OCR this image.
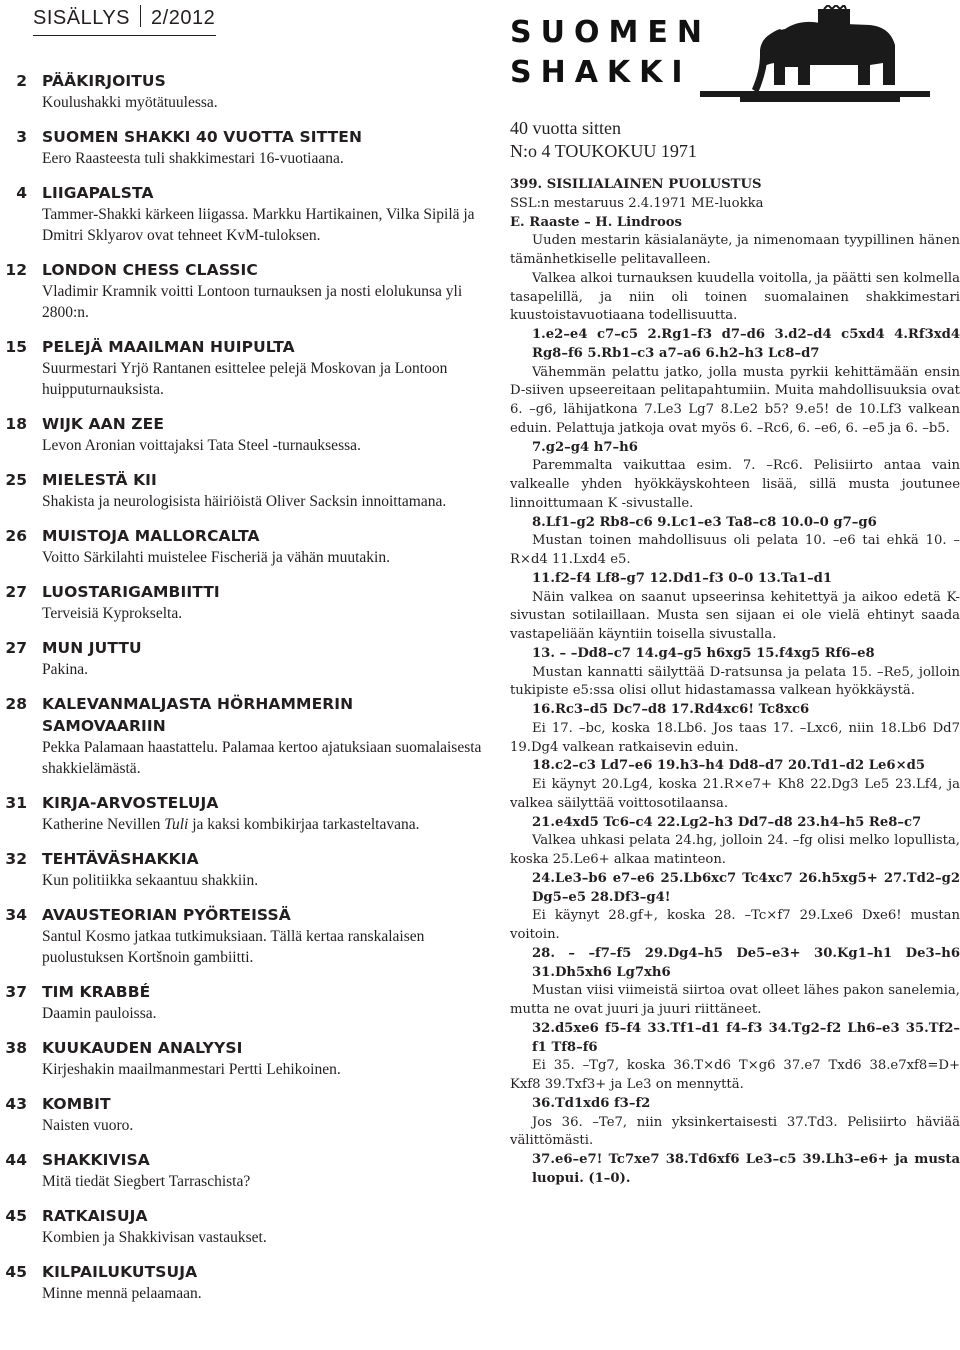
SISÄLLYS 2/2012
2 PÄÄKIRJOITUS
Koulushakki myötätuulessa.
3 SUOMEN SHAKKI 40 VUOTTA SITTEN
Eero Raasteesta tuli shakkimestari 16-vuotiaana.
4 LIIGAPALSTA
Tammer-Shakki kärkeen liigassa. Markku Hartikainen, Vilka Sipilä ja Dmitri Sklyarov ovat tehneet KvM-tuloksen.
12 LONDON CHESS CLASSIC
Vladimir Kramnik voitti Lontoon turnauksen ja nosti elolukunsa yli 2800:n.
15 PELEJÄ MAAILMAN HUIPULTA
Suurmestari Yrjö Rantanen esittelee pelejä Moskovan ja Lontoon huipputurnauksista.
18 WIJK AAN ZEE
Levon Aronian voittajaksi Tata Steel -turnauksessa.
25 MIELESTÄ KII
Shakista ja neurologisista häiriöistä Oliver Sacksin innoittamana.
26 MUISTOJA MALLORCALTA
Voitto Särkilahti muistelee Fischeriä ja vähän muutakin.
27 LUOSTARIGAMBIITTI
Terveisiä Kyprokselta.
27 MUN JUTTU
Pakina.
28 KALEVANMALJASTA HÖRHAMMERIN SAMOVAARIIN
Pekka Palamaan haastattelu. Palamaa kertoo ajatuksiaan suomalaisesta shakkielämästä.
31 KIRJA-ARVOSTELUJA
Katherine Nevillen Tuli ja kaksi kombikirjaa tarkasteltavana.
32 TEHTÄVÄSHAKKIA
Kun politiikka sekaantuu shakkiin.
34 AVAUSTEORIAN PYÖRTEISSÄ
Santul Kosmo jatkaa tutkimuksiaan. Tällä kertaa ranskalaisen puolustuksen Kortšnoin gambiitti.
37 TIM KRABBÉ
Daamin pauloissa.
38 KUUKAUDEN ANALYYSI
Kirjeshakin maailmanmestari Pertti Lehikoinen.
43 KOMBIT
Naisten vuoro.
44 SHAKKIVISA
Mitä tiedät Siegbert Tarraschista?
45 RATKAISUJA
Kombien ja Shakkivisan vastaukset.
45 KILPAILUKUTSUJA
Minne mennä pelaamaan.
SUOMEN
SHAKKI
40 vuotta sitten
N:o 4 TOUKOKUU 1971

399. SISILIALAINEN PUOLUSTUS

SSL:n mestaruus 2.4.1971 ME-luokka

E. Raaste – H. Lindroos

Uuden mestarin käsialanäyte, ja nimenomaan tyypillinen hänen tämänhetkiselle pelitavalleen.

Valkea alkoi turnauksen kuudella voitolla, ja päätti sen kolmella tasapelillä, ja niin oli toinen suomalainen shakkimestari kuustoistavuotiaana todellisuutta.

1.e2–e4 c7–c5 2.Rg1–f3 d7–d6 3.d2–d4 c5xd4 4.Rf3xd4 Rg8–f6 5.Rb1–c3 a7–a6 6.h2–h3 Lc8–d7

Vähemmän pelattu jatko, jolla musta pyrkii kehittämään ensin D-siiven upseereitaan pelitapahtumiin. Muita mahdollisuuksia ovat 6. –g6, lähijatkona 7.Le3 Lg7 8.Le2 b5? 9.e5! de 10.Lf3 valkean eduin. Pelattuja jatkoja ovat myös 6. –Rc6, 6. –e6, 6. –e5 ja 6. –b5.

7.g2–g4 h7–h6

Paremmalta vaikuttaa esim. 7. –Rc6. Pelisiirto antaa vain valkealle yhden hyökkäyskohteen lisää, sillä musta joutunee linnoittumaan K -sivustalle.

8.Lf1–g2 Rb8–c6 9.Lc1–e3 Ta8–c8 10.0–0 g7–g6

Mustan toinen mahdollisuus oli pelata 10. –e6 tai ehkä 10. –R×d4 11.Lxd4 e5.

11.f2–f4 Lf8–g7 12.Dd1–f3 0–0 13.Ta1–d1

Näin valkea on saanut upseerinsa kehitettyä ja aikoo edetä K-sivustan sotilaillaan. Musta sen sijaan ei ole vielä ehtinyt saada vastapeliään käyntiin toisella sivustalla.

13. – –Dd8–c7 14.g4–g5 h6xg5 15.f4xg5 Rf6–e8

Mustan kannatti säilyttää D-ratsunsa ja pelata 15. –Re5, jolloin tukipiste e5:ssa olisi ollut hidastamassa valkean hyökkäystä.

16.Rc3–d5 Dc7–d8 17.Rd4xc6! Tc8xc6

Ei 17. –bc, koska 18.Lb6. Jos taas 17. –Lxc6, niin 18.Lb6 Dd7 19.Dg4 valkean ratkaisevin eduin.

18.c2–c3 Ld7–e6 19.h3–h4 Dd8–d7 20.Td1–d2 Le6×d5

Ei käynyt 20.Lg4, koska 21.R×e7+ Kh8 22.Dg3 Le5 23.Lf4, ja valkea säilyttää voittosotilaansa.

21.e4xd5 Tc6–c4 22.Lg2–h3 Dd7–d8 23.h4–h5 Re8–c7

Valkea uhkasi pelata 24.hg, jolloin 24. –fg olisi melko lopullista, koska 25.Le6+ alkaa matinteon.

24.Le3–b6 e7–e6 25.Lb6xc7 Tc4xc7 26.h5xg5+ 27.Td2–g2 Dg5–e5 28.Df3–g4!

Ei käynyt 28.gf+, koska 28. –Tc×f7 29.Lxe6 Dxe6! mustan voitoin.

28. – –f7–f5 29.Dg4–h5 De5–e3+ 30.Kg1–h1 De3–h6 31.Dh5xh6 Lg7xh6

Mustan viisi viimeistä siirtoa ovat olleet lähes pakon sanelemia, mutta ne ovat juuri ja juuri riittäneet.

32.d5xe6 f5–f4 33.Tf1–d1 f4–f3 34.Tg2–f2 Lh6–e3 35.Tf2–f1 Tf8–f6

Ei 35. –Tg7, koska 36.T×d6 T×g6 37.e7 Txd6 38.e7xf8=D+ Kxf8 39.Txf3+ ja Le3 on mennyttä.

36.Td1xd6 f3–f2

Jos 36. –Te7, niin yksinkertaisesti 37.Td3. Pelisiirto häviää välittömästi.

37.e6–e7! Tc7xe7 38.Td6xf6 Le3–c5 39.Lh3–e6+ ja musta luopui. (1–0).
